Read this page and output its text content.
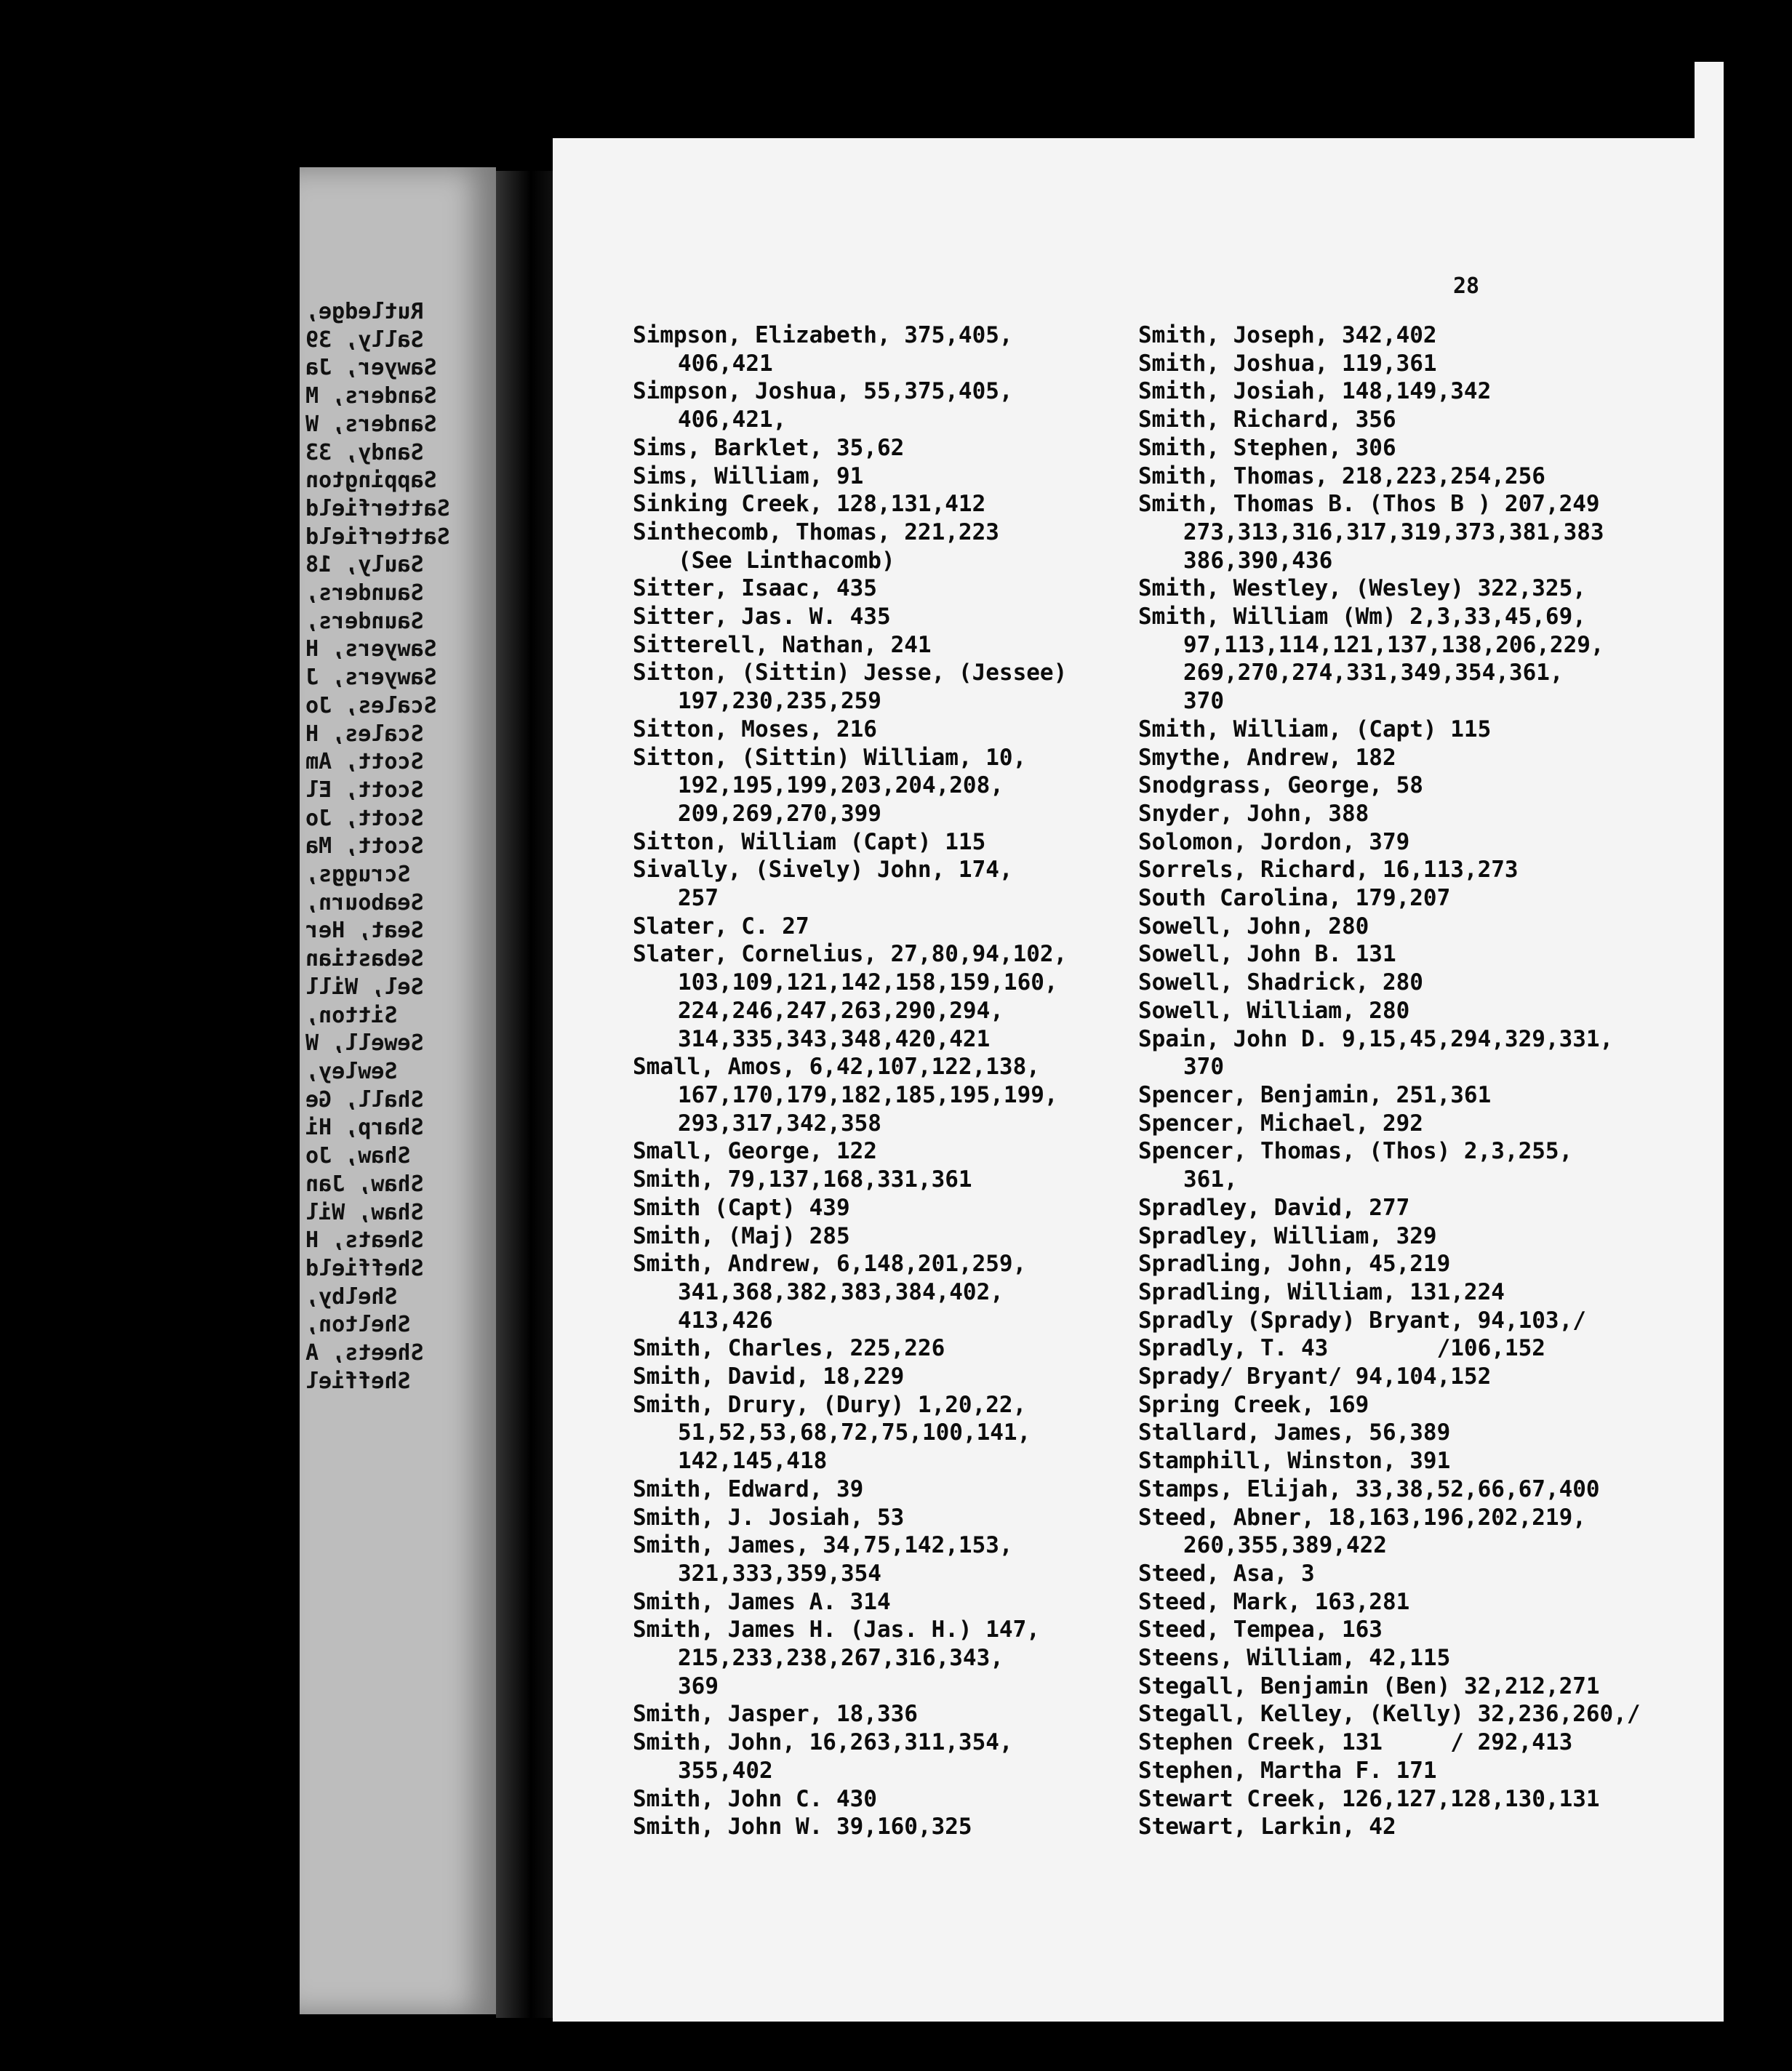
Rutledge,
Sally, 39
Sawyer, Ja
Sanders, M
Sanders, W
Sandy, 33
Sappington
Satterfield
Satterfield
Sauly, 18
Saunders,
Saunders,
Sawyers, H
Sawyers, J
Scales, Jo
Scales, H
Scott, Am
Scott, El
Scott, Jo
Scott, Ma
Scruggs,
Seabourn,
Seat, Her
Sebastian
Sel, Will
Sitton,
Sewell, W
Sewley,
Shall, Ge
Sharp, Hi
Shaw, Jo
Shaw, Jan
Shaw, Wil
Sheats, H
Sheffield
Shelby,
Shelton,
Sheets, A
Sheffiel
28
Simpson, Elizabeth, 375,405,
406,421
Simpson, Joshua, 55,375,405,
406,421,
Sims, Barklet, 35,62
Sims, William, 91
Sinking Creek, 128,131,412
Sinthecomb, Thomas, 221,223
(See Linthacomb)
Sitter, Isaac, 435
Sitter, Jas. W. 435
Sitterell, Nathan, 241
Sitton, (Sittin) Jesse, (Jessee)
197,230,235,259
Sitton, Moses, 216
Sitton, (Sittin) William, 10,
192,195,199,203,204,208,
209,269,270,399
Sitton, William (Capt) 115
Sivally, (Sively) John, 174,
257
Slater, C. 27
Slater, Cornelius, 27,80,94,102,
103,109,121,142,158,159,160,
224,246,247,263,290,294,
314,335,343,348,420,421
Small, Amos, 6,42,107,122,138,
167,170,179,182,185,195,199,
293,317,342,358
Small, George, 122
Smith, 79,137,168,331,361
Smith (Capt) 439
Smith, (Maj) 285
Smith, Andrew, 6,148,201,259,
341,368,382,383,384,402,
413,426
Smith, Charles, 225,226
Smith, David, 18,229
Smith, Drury, (Dury) 1,20,22,
51,52,53,68,72,75,100,141,
142,145,418
Smith, Edward, 39
Smith, J. Josiah, 53
Smith, James, 34,75,142,153,
321,333,359,354
Smith, James A. 314
Smith, James H. (Jas. H.) 147,
215,233,238,267,316,343,
369
Smith, Jasper, 18,336
Smith, John, 16,263,311,354,
355,402
Smith, John C. 430
Smith, John W. 39,160,325
Smith, Joseph, 342,402
Smith, Joshua, 119,361
Smith, Josiah, 148,149,342
Smith, Richard, 356
Smith, Stephen, 306
Smith, Thomas, 218,223,254,256
Smith, Thomas B. (Thos B ) 207,249
273,313,316,317,319,373,381,383
386,390,436
Smith, Westley, (Wesley) 322,325,
Smith, William (Wm) 2,3,33,45,69,
97,113,114,121,137,138,206,229,
269,270,274,331,349,354,361,
370
Smith, William, (Capt) 115
Smythe, Andrew, 182
Snodgrass, George, 58
Snyder, John, 388
Solomon, Jordon, 379
Sorrels, Richard, 16,113,273
South Carolina, 179,207
Sowell, John, 280
Sowell, John B. 131
Sowell, Shadrick, 280
Sowell, William, 280
Spain, John D. 9,15,45,294,329,331,
370
Spencer, Benjamin, 251,361
Spencer, Michael, 292
Spencer, Thomas, (Thos) 2,3,255,
361,
Spradley, David, 277
Spradley, William, 329
Spradling, John, 45,219
Spradling, William, 131,224
Spradly (Sprady) Bryant, 94,103,/
Spradly, T. 43        /106,152
Sprady/ Bryant/ 94,104,152
Spring Creek, 169
Stallard, James, 56,389
Stamphill, Winston, 391
Stamps, Elijah, 33,38,52,66,67,400
Steed, Abner, 18,163,196,202,219,
260,355,389,422
Steed, Asa, 3
Steed, Mark, 163,281
Steed, Tempea, 163
Steens, William, 42,115
Stegall, Benjamin (Ben) 32,212,271
Stegall, Kelley, (Kelly) 32,236,260,/
Stephen Creek, 131     / 292,413
Stephen, Martha F. 171
Stewart Creek, 126,127,128,130,131
Stewart, Larkin, 42
